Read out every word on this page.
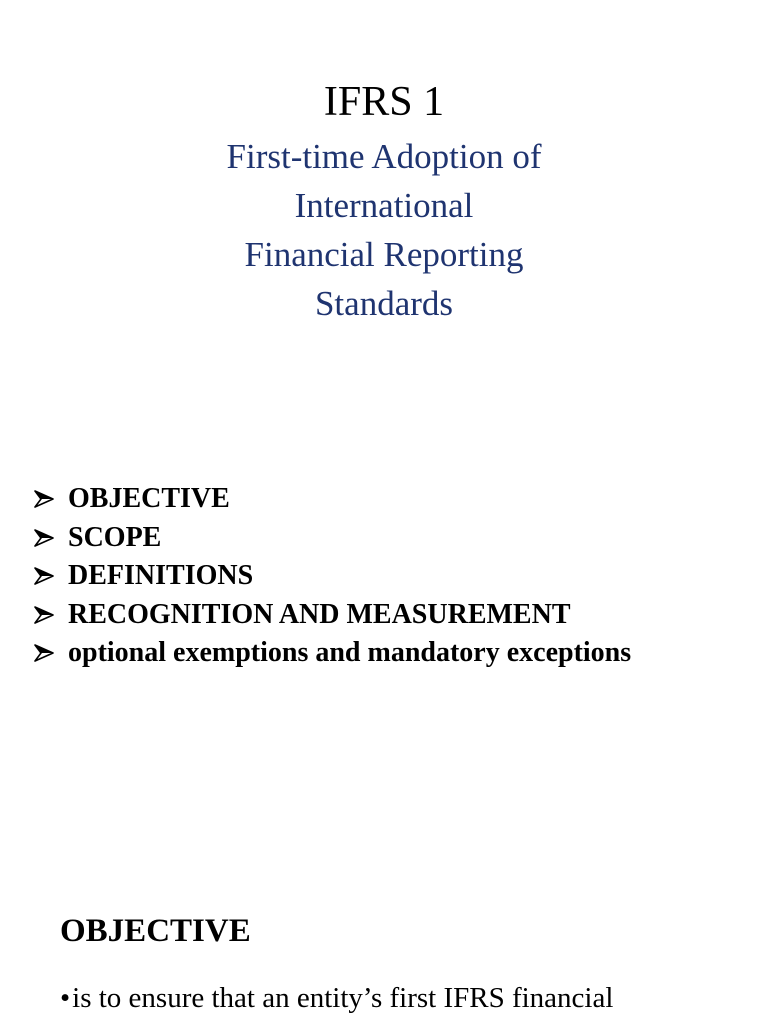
IFRS 1
First-time Adoption of
International
Financial Reporting
Standards
OBJECTIVE
SCOPE
DEFINITIONS
RECOGNITION AND MEASUREMENT
optional exemptions and mandatory exceptions
OBJECTIVE
•is to ensure that an entity’s first IFRS financial
